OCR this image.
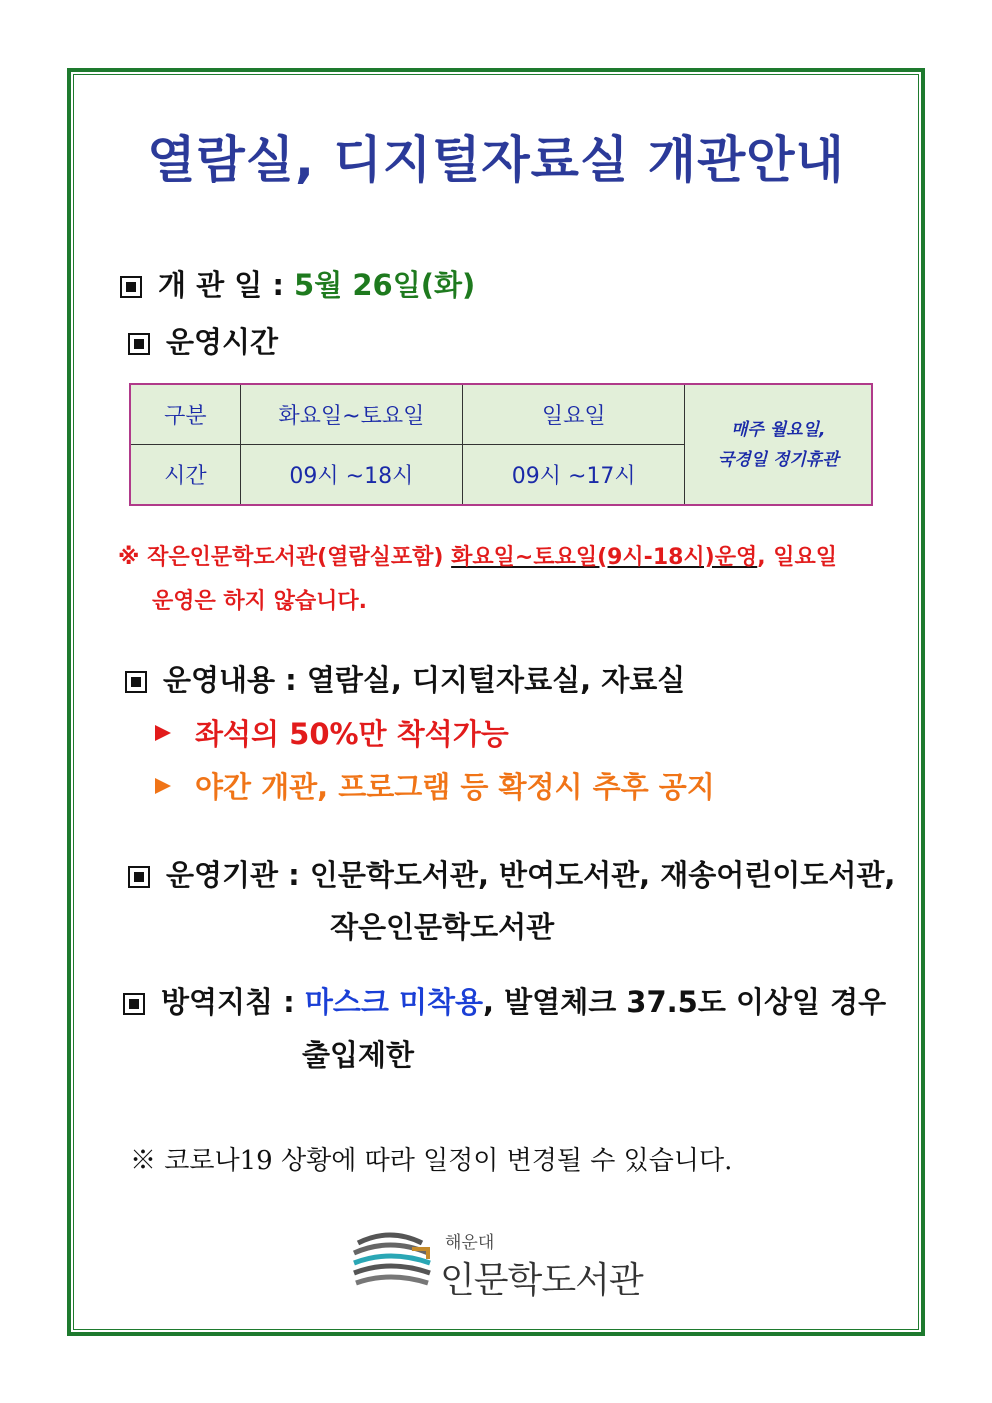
열람실, 디지털자료실 개관안내
개 관 일 : 5월 26일(화)
운영시간
구분	화요일~토요일	일요일	매주 월요일,
국경일 정기휴관

시간	09시 ~18시	09시 ~17시	
※ 작은인문학도서관(열람실포함) 화요일~토요일(9시-18시)운영, 일요일
운영은 하지 않습니다.
운영내용 : 열람실, 디지털자료실, 자료실
좌석의 50%만 착석가능
야간 개관, 프로그램 등 확정시 추후 공지
운영기관 : 인문학도서관, 반여도서관, 재송어린이도서관,
작은인문학도서관
방역지침 : 마스크 미착용, 발열체크 37.5도 이상일 경우
출입제한
※ 코로나19 상황에 따라 일정이 변경될 수 있습니다.
해운대
인문학도서관
